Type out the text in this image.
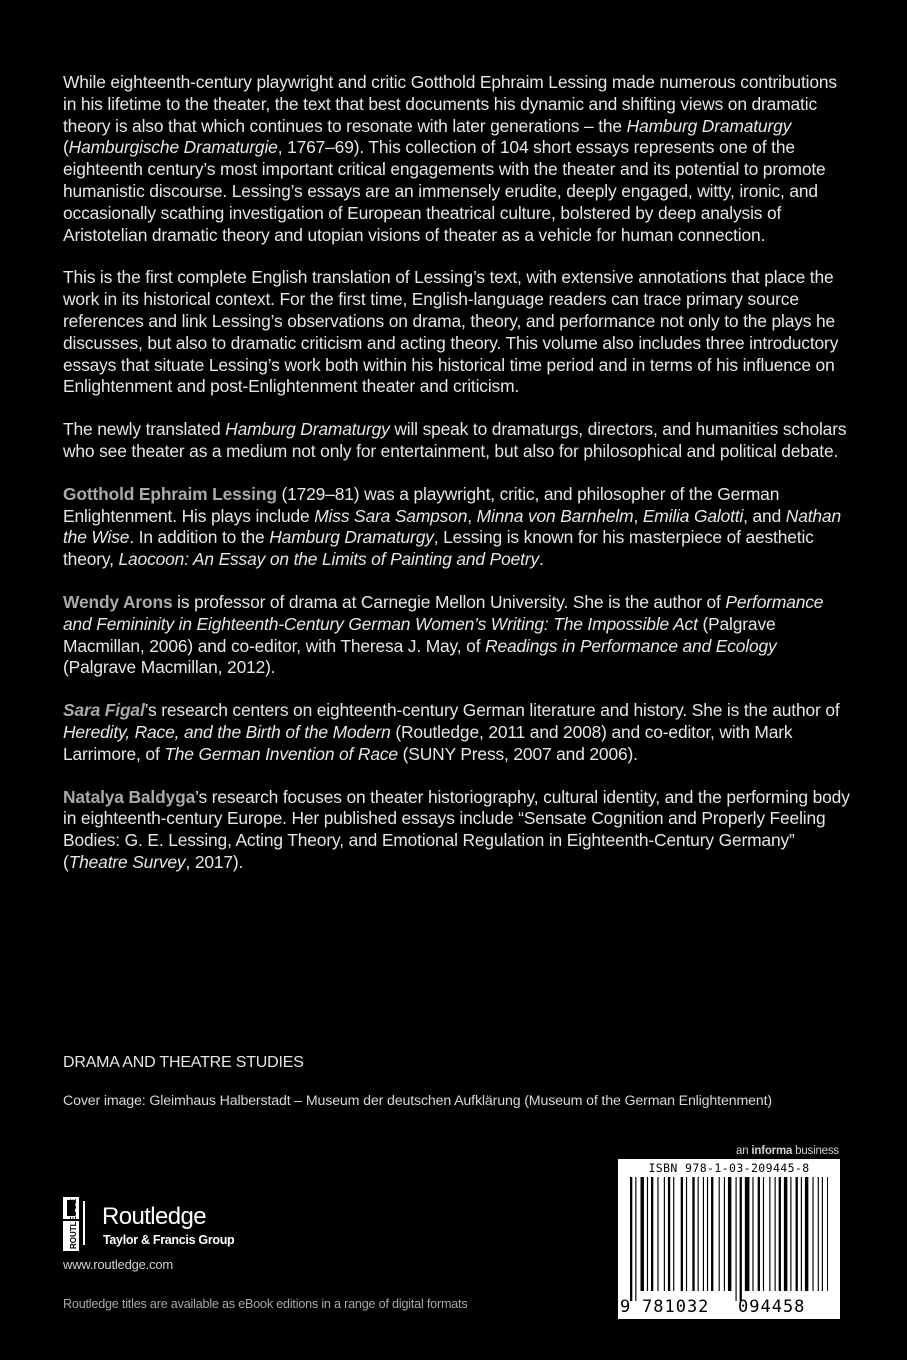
While eighteenth-century playwright and critic Gotthold Ephraim Lessing made numerous contributions in his lifetime to the theater, the text that best documents his dynamic and shifting views on dramatic theory is also that which continues to resonate with later generations – the Hamburg Dramaturgy (Hamburgische Dramaturgie, 1767–69). This collection of 104 short essays represents one of the eighteenth century’s most important critical engagements with the theater and its potential to promote humanistic discourse. Lessing’s essays are an immensely erudite, deeply engaged, witty, ironic, and occasionally scathing investigation of European theatrical culture, bolstered by deep analysis of Aristotelian dramatic theory and utopian visions of theater as a vehicle for human connection.

This is the first complete English translation of Lessing’s text, with extensive annotations that place the work in its historical context. For the first time, English-language readers can trace primary source references and link Lessing’s observations on drama, theory, and performance not only to the plays he discusses, but also to dramatic criticism and acting theory. This volume also includes three introductory essays that situate Lessing’s work both within his historical time period and in terms of his influence on Enlightenment and post-Enlightenment theater and criticism.

The newly translated Hamburg Dramaturgy will speak to dramaturgs, directors, and humanities scholars who see theater as a medium not only for entertainment, but also for philosophical and political debate.

Gotthold Ephraim Lessing (1729–81) was a playwright, critic, and philosopher of the German Enlightenment. His plays include Miss Sara Sampson, Minna von Barnhelm, Emilia Galotti, and Nathan the Wise. In addition to the Hamburg Dramaturgy, Lessing is known for his masterpiece of aesthetic theory, Laocoon: An Essay on the Limits of Painting and Poetry.

Wendy Arons is professor of drama at Carnegie Mellon University. She is the author of Performance and Femininity in Eighteenth-Century German Women’s Writing: The Impossible Act (Palgrave Macmillan, 2006) and co-editor, with Theresa J. May, of Readings in Performance and Ecology (Palgrave Macmillan, 2012).

Sara Figal’s research centers on eighteenth-century German literature and history. She is the author of Heredity, Race, and the Birth of the Modern (Routledge, 2011 and 2008) and co-editor, with Mark Larrimore, of The German Invention of Race (SUNY Press, 2007 and 2006).

Natalya Baldyga’s research focuses on theater historiography, cultural identity, and the performing body in eighteenth-century Europe. Her published essays include “Sensate Cognition and Properly Feeling Bodies: G. E. Lessing, Acting Theory, and Emotional Regulation in Eighteenth-Century Germany” (Theatre Survey, 2017).

DRAMA AND THEATRE STUDIES
Cover image: Gleimhaus Halberstadt – Museum der deutschen Aufklärung (Museum of the German Enlightenment)
an informa business
ISBN 978-1-03-209445-8
9 781032 094458
ROUTLEDGE Routledge
Taylor & Francis Group
www.routledge.com
Routledge titles are available as eBook editions in a range of digital formats
